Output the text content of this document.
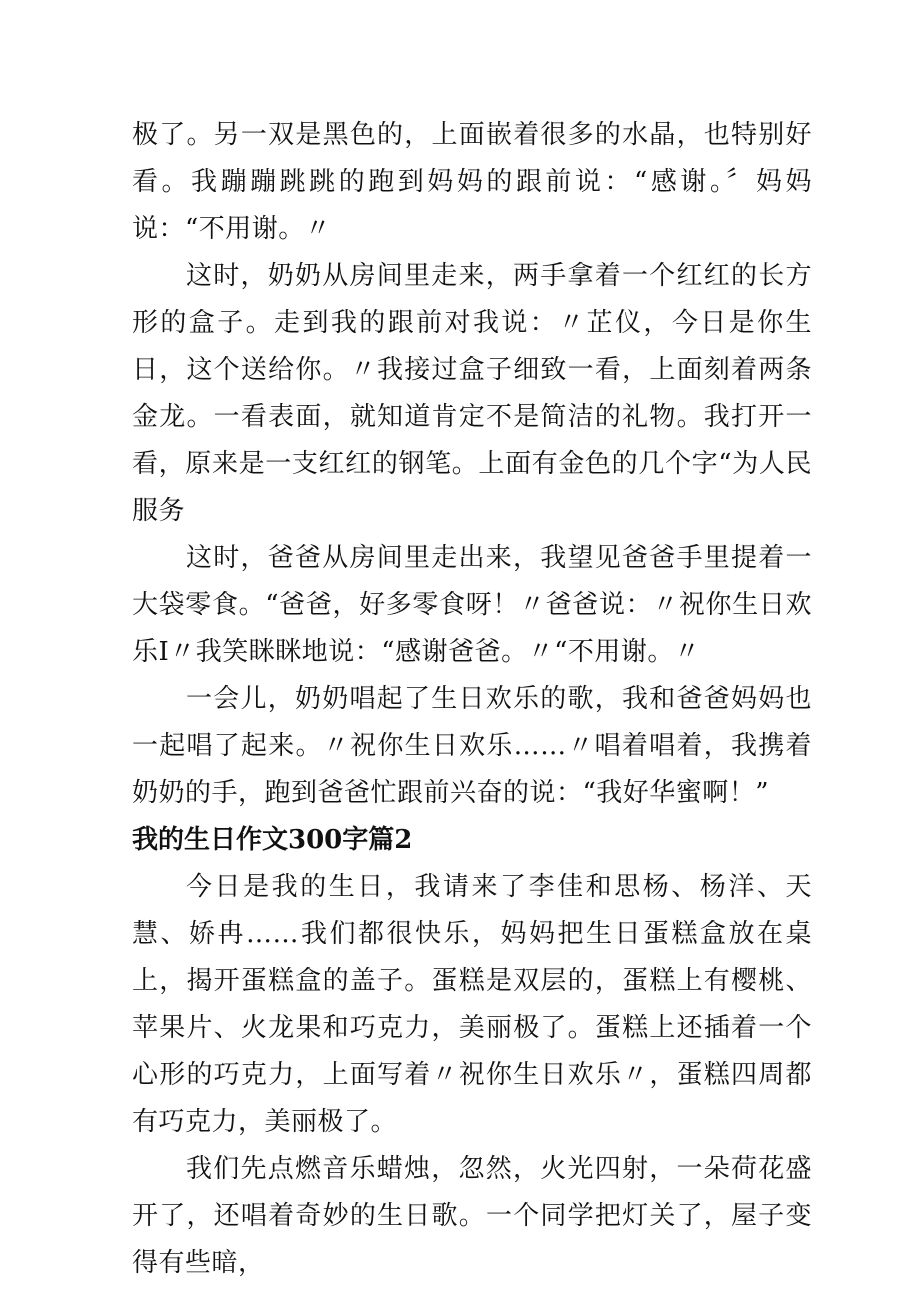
极了。另一双是黑色的，上面嵌着很多的水晶，也特别好看。我蹦蹦跳跳的跑到妈妈的跟前说：“感谢。〞妈妈说：“不用谢。〃

这时，奶奶从房间里走来，两手拿着一个红红的长方形的盒子。走到我的跟前对我说：〃芷仪，今日是你生日，这个送给你。〃我接过盒子细致一看，上面刻着两条金龙。一看表面，就知道肯定不是简洁的礼物。我打开一看，原来是一支红红的钢笔。上面有金色的几个字“为人民服务

这时，爸爸从房间里走出来，我望见爸爸手里提着一大袋零食。“爸爸，好多零食呀！〃爸爸说：〃祝你生日欢乐I〃我笑眯眯地说：“感谢爸爸。〃“不用谢。〃

一会儿，奶奶唱起了生日欢乐的歌，我和爸爸妈妈也一起唱了起来。〃祝你生日欢乐……〃唱着唱着，我携着奶奶的手，跑到爸爸忙跟前兴奋的说：“我好华蜜啊！”

我的生日作文300字篇2

今日是我的生日，我请来了李佳和思杨、杨洋、天慧、娇冉……我们都很快乐，妈妈把生日蛋糕盒放在桌上，揭开蛋糕盒的盖子。蛋糕是双层的，蛋糕上有樱桃、苹果片、火龙果和巧克力，美丽极了。蛋糕上还插着一个心形的巧克力，上面写着〃祝你生日欢乐〃，蛋糕四周都有巧克力，美丽极了。

我们先点燃音乐蜡烛，忽然，火光四射，一朵荷花盛开了，还唱着奇妙的生日歌。一个同学把灯关了，屋子变得有些暗，
